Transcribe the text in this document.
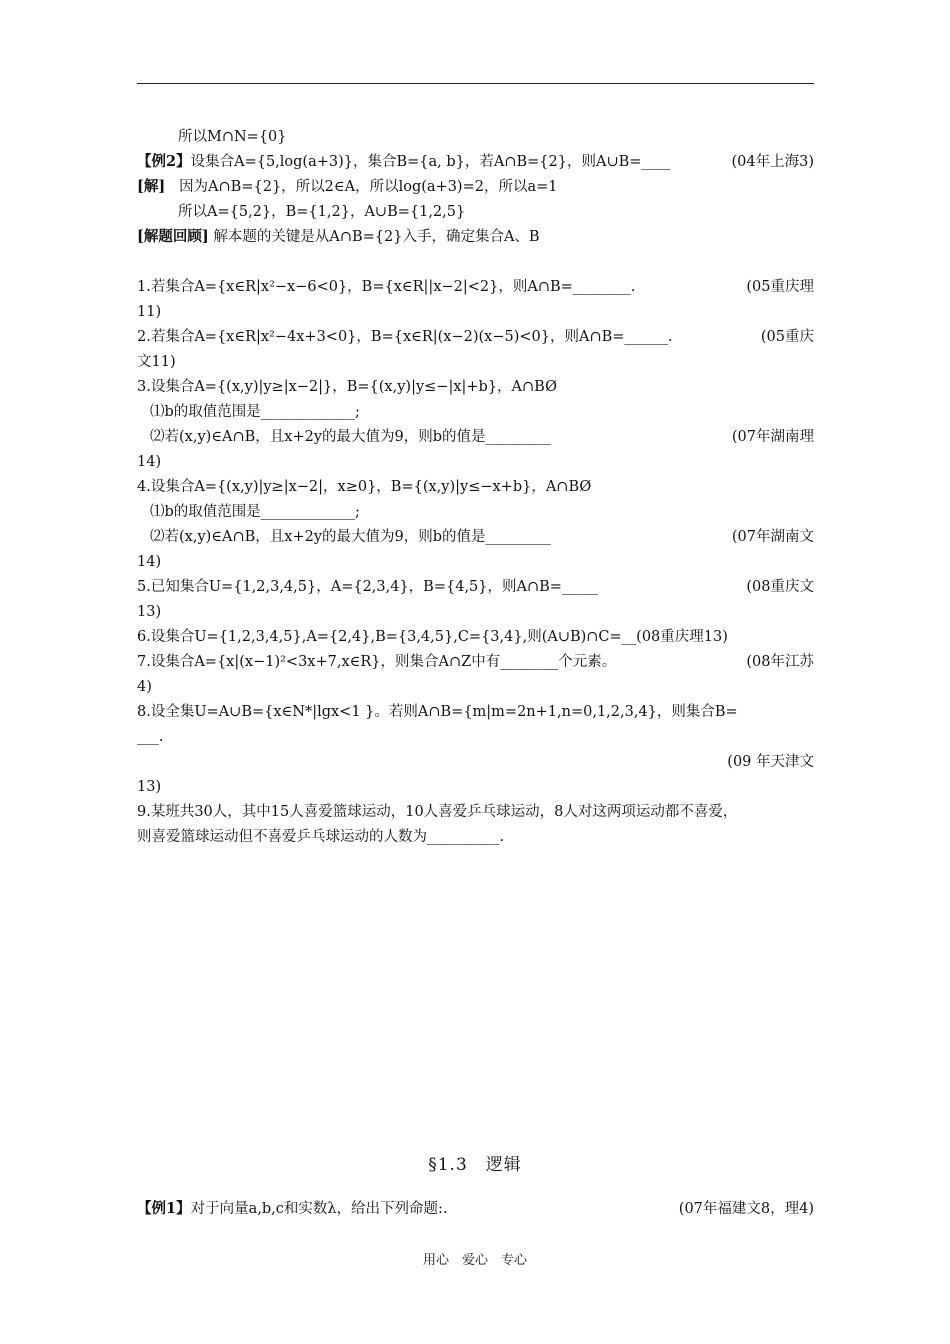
所以M∩N={0}
【例2】设集合A={5,log(a+3)}，集合B={a, b}，若A∩B={2}，则A∪B=____	(04年上海3)
[解] 因为A∩B={2}，所以2∈A，所以log(a+3)=2，所以a=1
所以A={5,2}，B={1,2}，A∪B={1,2,5}
[解题回顾] 解本题的关键是从A∩B={2}入手，确定集合A、B
1.若集合A={x∈R|x²−x−6<0}，B={x∈R||x−2|<2}，则A∩B=________.	(05重庆理
11)
2.若集合A={x∈R|x²−4x+3<0}，B={x∈R|(x−2)(x−5)<0}，则A∩B=______.	(05重庆
文11)
3.设集合A={(x,y)|y≥|x−2|}，B={(x,y)|y≤−|x|+b}，A∩BØ
⑴b的取值范围是_____________;
⑵若(x,y)∈A∩B，且x+2y的最大值为9，则b的值是_________	(07年湖南理
14)
4.设集合A={(x,y)|y≥|x−2|，x≥0}，B={(x,y)|y≤−x+b}，A∩BØ
⑴b的取值范围是_____________;
⑵若(x,y)∈A∩B，且x+2y的最大值为9，则b的值是_________	(07年湖南文
14)
5.已知集合U={1,2,3,4,5}，A={2,3,4}，B={4,5}，则A∩B=_____	(08重庆文
13)
6.设集合U={1,2,3,4,5},A={2,4},B={3,4,5},C={3,4},则(A∪B)∩C=__(08重庆理13)
7.设集合A={x|(x−1)²<3x+7,x∈R}，则集合A∩Z中有________个元素。	(08年江苏
4)
8.设全集U=A∪B={x∈N*|lgx<1 }。若则A∩B={m|m=2n+1,n=0,1,2,3,4}，则集合B=
___.
(09 年天津文
13)
9.某班共30人，其中15人喜爱篮球运动，10人喜爱乒乓球运动，8人对这两项运动都不喜爱，
则喜爱篮球运动但不喜爱乒乓球运动的人数为__________.
§1.3　逻辑
【例1】对于向量a,b,c和实数λ，给出下列命题:.	(07年福建文8，理4)
用心　爱心　专心
